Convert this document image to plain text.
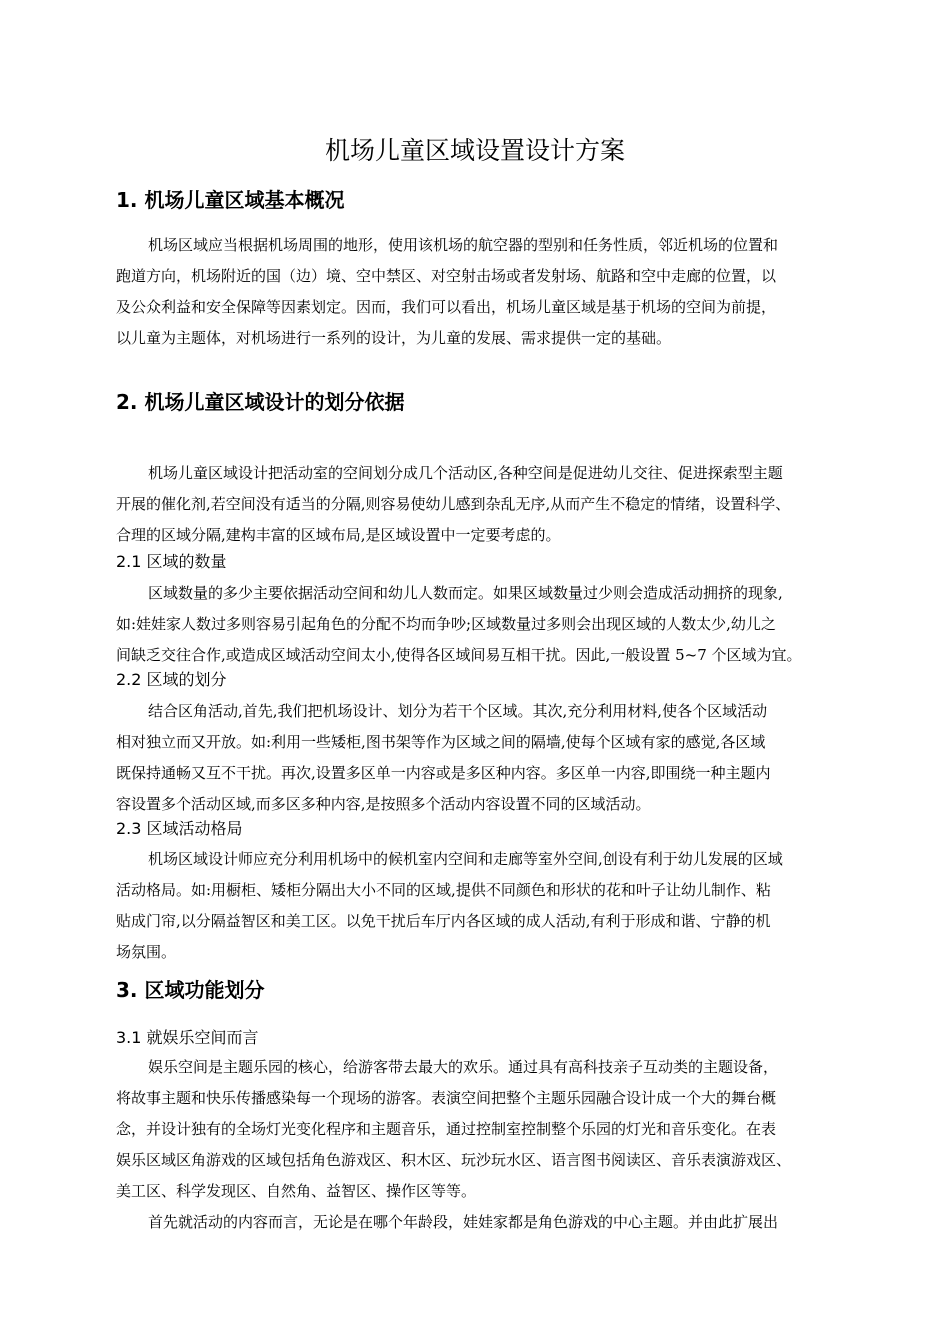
机场儿童区域设置设计方案
1. 机场儿童区域基本概况
机场区域应当根据机场周围的地形，使用该机场的航空器的型别和任务性质，邻近机场的位置和
跑道方向，机场附近的国（边）境、空中禁区、对空射击场或者发射场、航路和空中走廊的位置，以
及公众利益和安全保障等因素划定。因而，我们可以看出，机场儿童区域是基于机场的空间为前提，
以儿童为主题体，对机场进行一系列的设计，为儿童的发展、需求提供一定的基础。
2. 机场儿童区域设计的划分依据
机场儿童区域设计把活动室的空间划分成几个活动区,各种空间是促进幼儿交往、促进探索型主题
开展的催化剂,若空间没有适当的分隔,则容易使幼儿感到杂乱无序,从而产生不稳定的情绪，设置科学、
合理的区域分隔,建构丰富的区域布局,是区域设置中一定要考虑的。
2.1 区域的数量
区域数量的多少主要依据活动空间和幼儿人数而定。如果区域数量过少则会造成活动拥挤的现象,
如:娃娃家人数过多则容易引起角色的分配不均而争吵;区域数量过多则会出现区域的人数太少,幼儿之
间缺乏交往合作,或造成区域活动空间太小,使得各区域间易互相干扰。因此,一般设置 5~7 个区域为宜。
2.2 区域的划分
结合区角活动,首先,我们把机场设计、划分为若干个区域。其次,充分利用材料,使各个区域活动
相对独立而又开放。如:利用一些矮柜,图书架等作为区域之间的隔墙,使每个区域有家的感觉,各区域
既保持通畅又互不干扰。再次,设置多区单一内容或是多区种内容。多区单一内容,即围绕一种主题内
容设置多个活动区域,而多区多种内容,是按照多个活动内容设置不同的区域活动。
2.3 区域活动格局
机场区域设计师应充分利用机场中的候机室内空间和走廊等室外空间,创设有利于幼儿发展的区域
活动格局。如:用橱柜、矮柜分隔出大小不同的区域,提供不同颜色和形状的花和叶子让幼儿制作、粘
贴成门帘,以分隔益智区和美工区。以免干扰后车厅内各区域的成人活动,有利于形成和谐、宁静的机
场氛围。
3. 区域功能划分
3.1 就娱乐空间而言
娱乐空间是主题乐园的核心，给游客带去最大的欢乐。通过具有高科技亲子互动类的主题设备，
将故事主题和快乐传播感染每一个现场的游客。表演空间把整个主题乐园融合设计成一个大的舞台概
念，并设计独有的全场灯光变化程序和主题音乐，通过控制室控制整个乐园的灯光和音乐变化。在表
娱乐区域区角游戏的区域包括角色游戏区、积木区、玩沙玩水区、语言图书阅读区、音乐表演游戏区、
美工区、科学发现区、自然角、益智区、操作区等等。
首先就活动的内容而言，无论是在哪个年龄段，娃娃家都是角色游戏的中心主题。并由此扩展出
